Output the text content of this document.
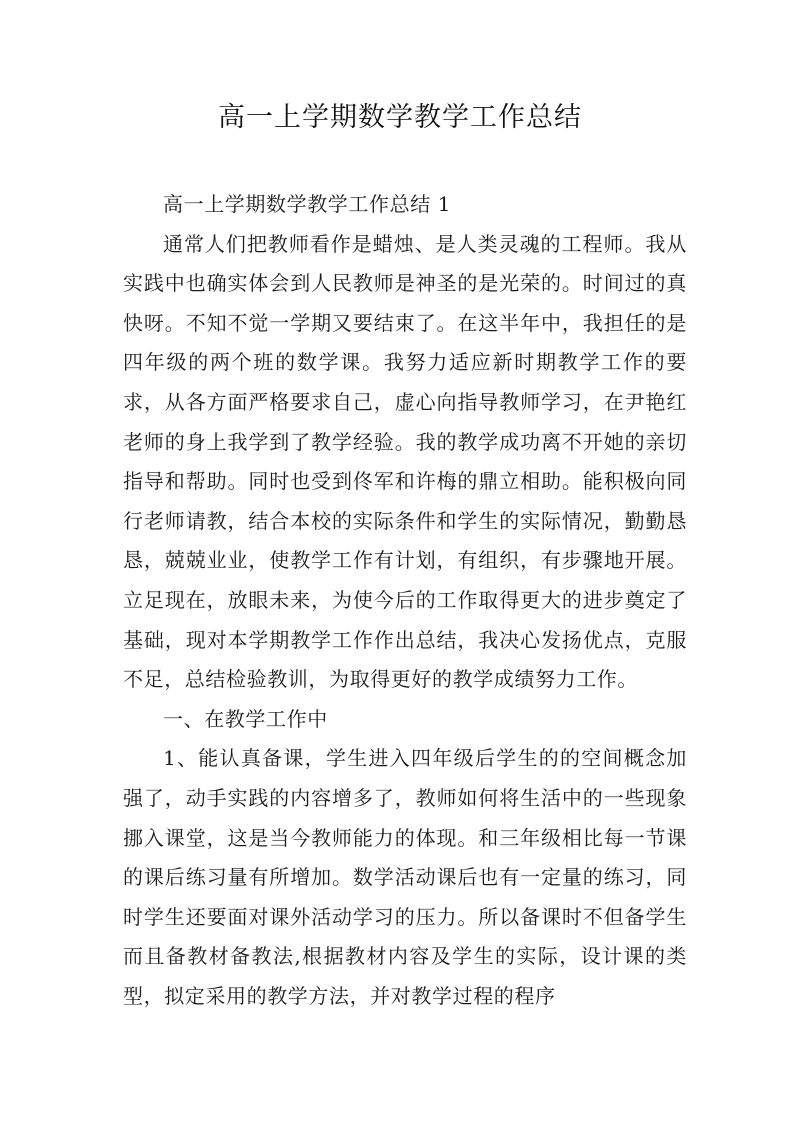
高一上学期数学教学工作总结

高一上学期数学教学工作总结 1

通常人们把教师看作是蜡烛、是人类灵魂的工程师。我从实践中也确实体会到人民教师是神圣的是光荣的。时间过的真快呀。不知不觉一学期又要结束了。在这半年中，我担任的是四年级的两个班的数学课。我努力适应新时期教学工作的要求，从各方面严格要求自己，虚心向指导教师学习，在尹艳红老师的身上我学到了教学经验。我的教学成功离不开她的亲切指导和帮助。同时也受到佟军和许梅的鼎立相助。能积极向同行老师请教，结合本校的实际条件和学生的实际情况，勤勤恳恳，兢兢业业，使教学工作有计划，有组织，有步骤地开展。立足现在，放眼未来，为使今后的工作取得更大的进步奠定了基础，现对本学期教学工作作出总结，我决心发扬优点，克服不足，总结检验教训，为取得更好的教学成绩努力工作。

一、在教学工作中

1、能认真备课，学生进入四年级后学生的的空间概念加强了，动手实践的内容增多了，教师如何将生活中的一些现象挪入课堂，这是当今教师能力的体现。和三年级相比每一节课的课后练习量有所增加。数学活动课后也有一定量的练习，同时学生还要面对课外活动学习的压力。所以备课时不但备学生而且备教材备教法,根据教材内容及学生的实际，设计课的类型，拟定采用的教学方法，并对教学过程的程序
